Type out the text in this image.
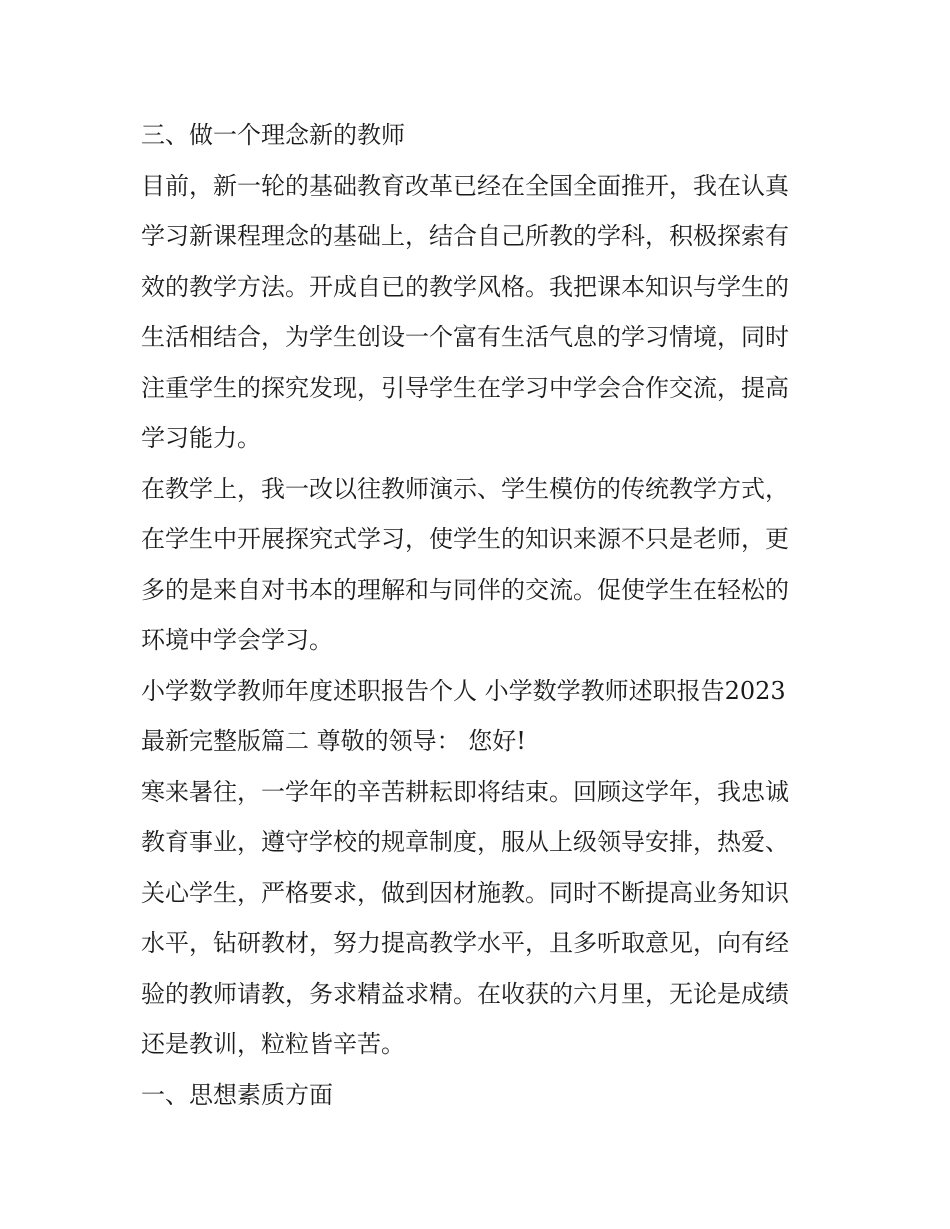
三、做一个理念新的教师
目前，新一轮的基础教育改革已经在全国全面推开，我在认真
学习新课程理念的基础上，结合自己所教的学科，积极探索有
效的教学方法。开成自已的教学风格。我把课本知识与学生的
生活相结合，为学生创设一个富有生活气息的学习情境，同时
注重学生的探究发现，引导学生在学习中学会合作交流，提高
学习能力。
在教学上，我一改以往教师演示、学生模仿的传统教学方式，
在学生中开展探究式学习，使学生的知识来源不只是老师，更
多的是来自对书本的理解和与同伴的交流。促使学生在轻松的
环境中学会学习。
小学数学教师年度述职报告个人 小学数学教师述职报告2023
最新完整版篇二 尊敬的领导： 您好!
寒来暑往，一学年的辛苦耕耘即将结束。回顾这学年，我忠诚
教育事业，遵守学校的规章制度，服从上级领导安排，热爱、
关心学生，严格要求，做到因材施教。同时不断提高业务知识
水平，钻研教材，努力提高教学水平，且多听取意见，向有经
验的教师请教，务求精益求精。在收获的六月里，无论是成绩
还是教训，粒粒皆辛苦。
一、思想素质方面
